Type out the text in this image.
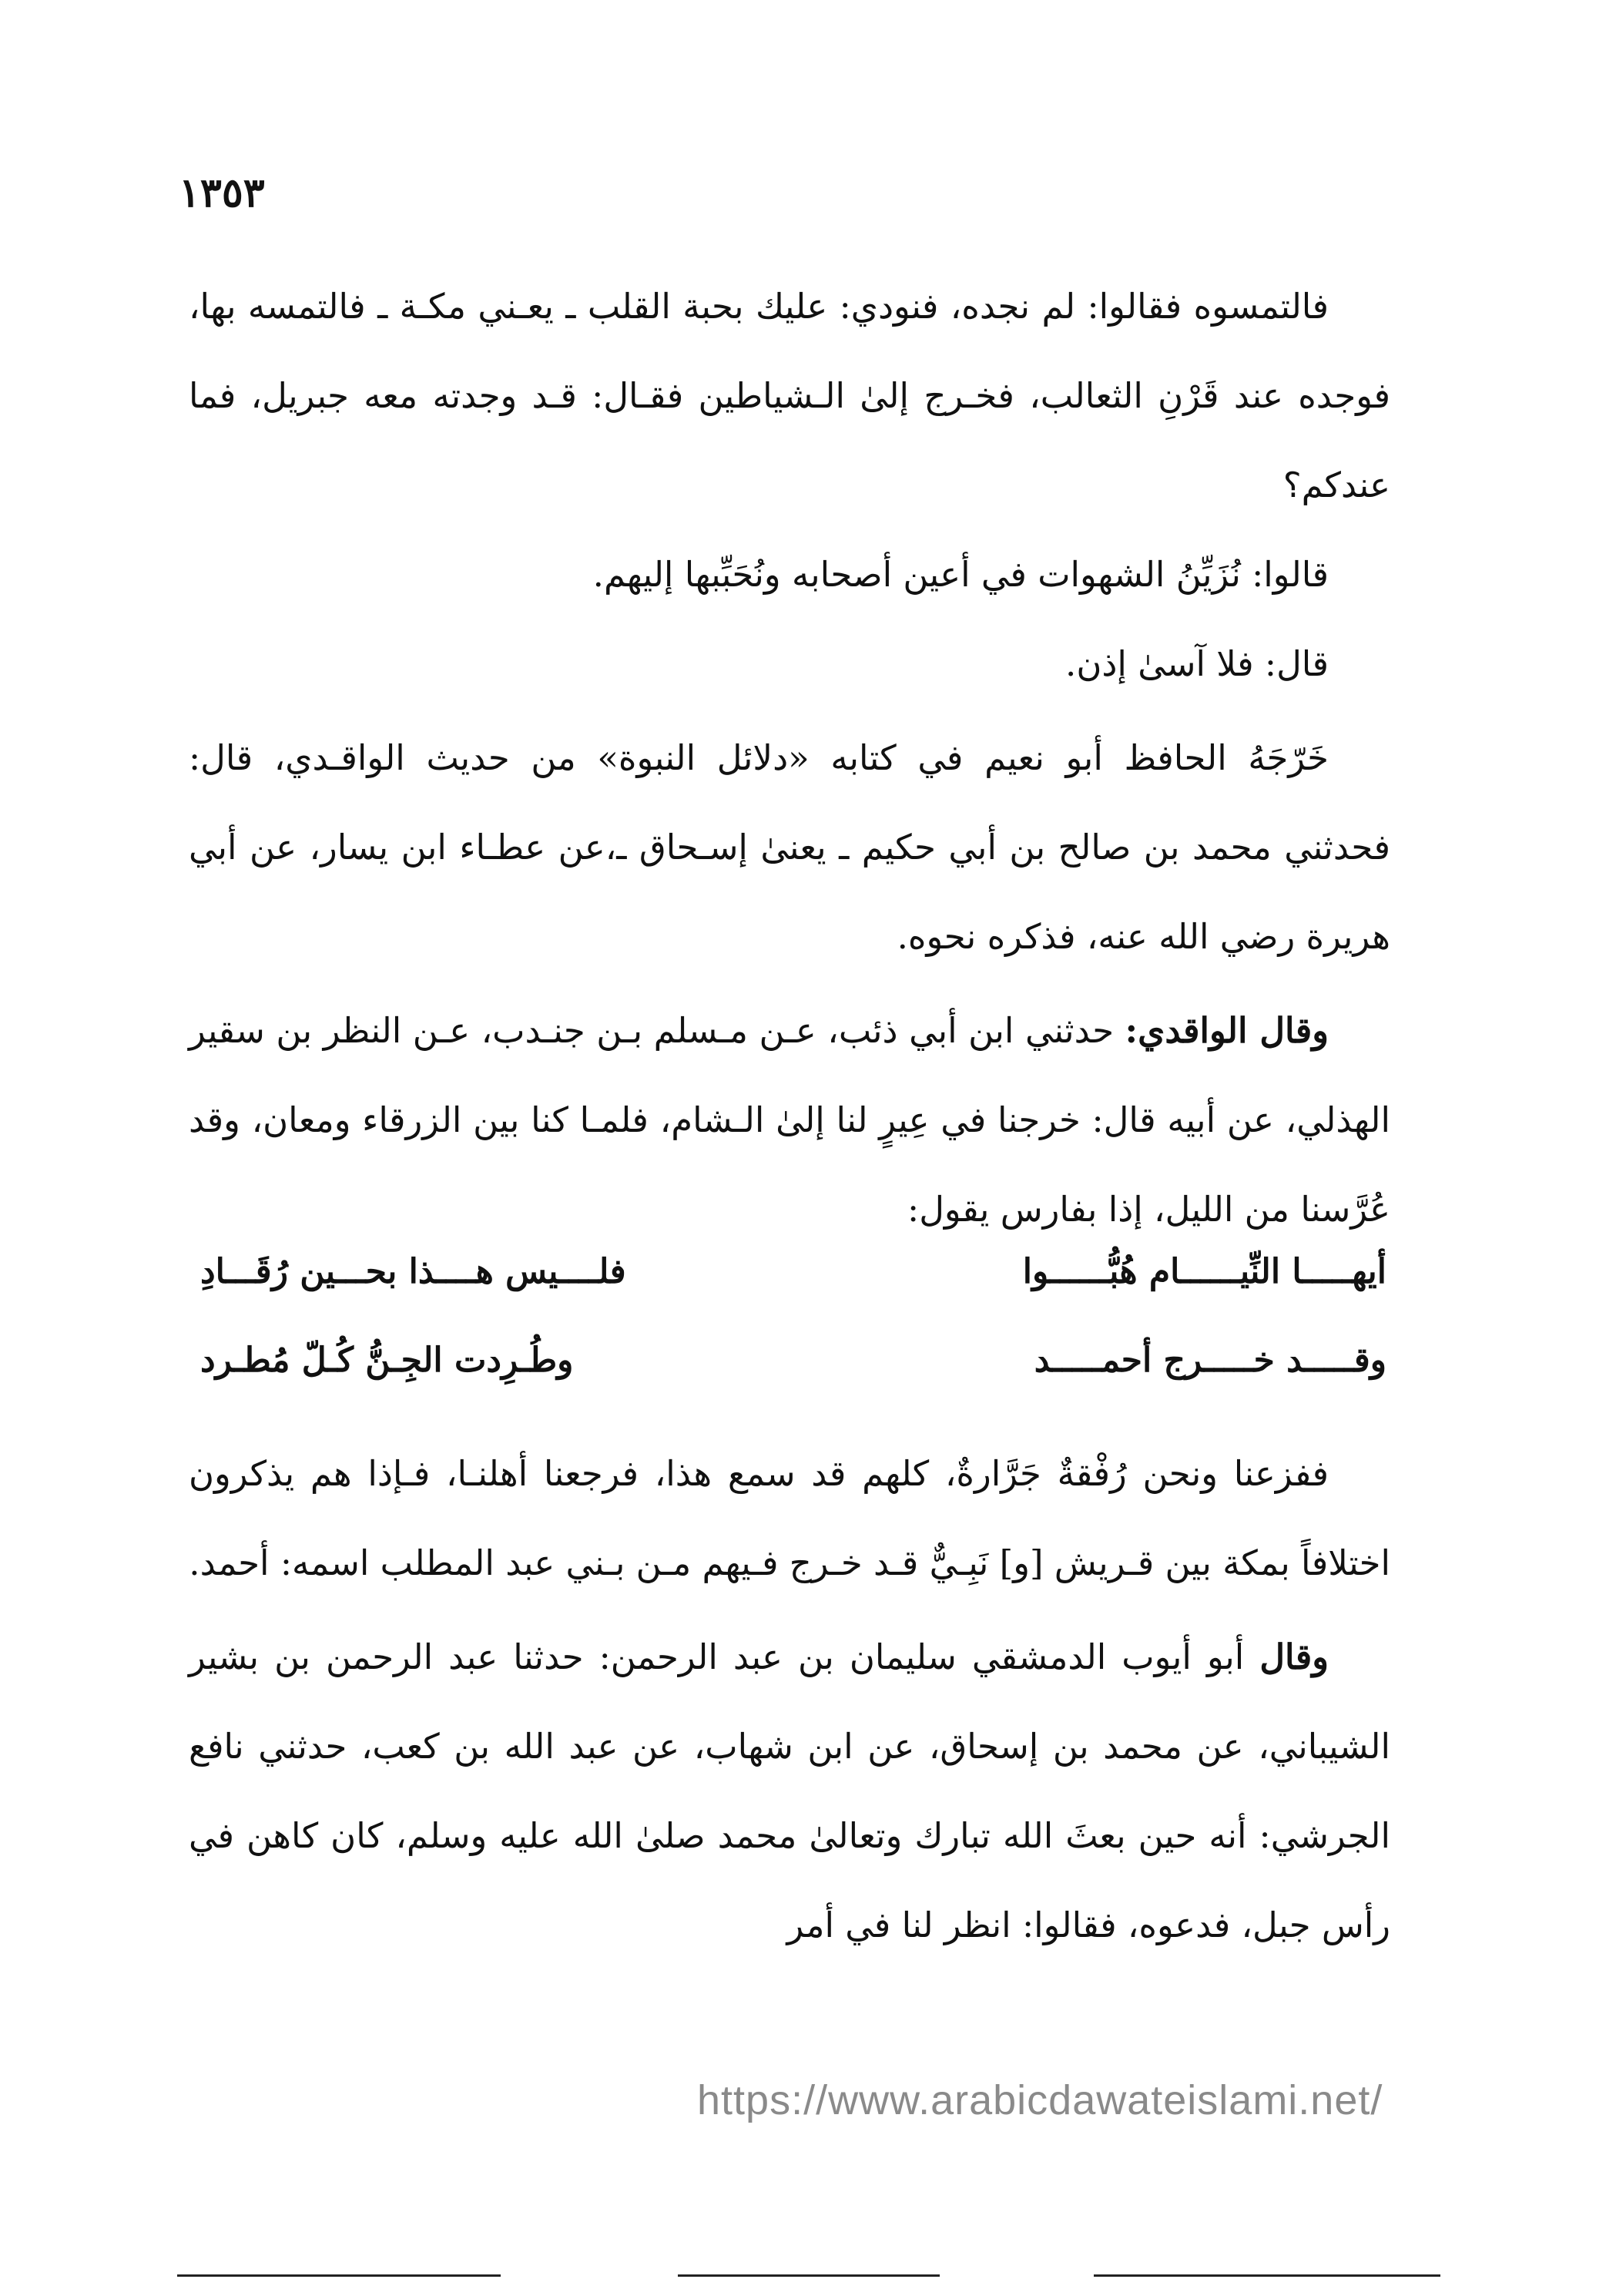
١٣٥٣

فالتمسوه فقالوا: لم نجده، فنودي: عليك بحبة القلب ـ يعـني مكـة ـ فالتمسه بها، فوجده عند قَرْنِ الثعالب، فخـرج إلىٰ الـشياطين فقـال: قـد وجدته معه جبريل، فما عندكم؟

قالوا: نُزَيِّنُ الشهوات في أعين أصحابه ونُحَبِّبها إليهم.

قال: فلا آسىٰ إذن.

خَرّجَهُ الحافظ أبو نعيم في كتابه «دلائل النبوة» من حديث الواقـدي، قال: فحدثني محمد بن صالح بن أبي حكيم ـ يعنىٰ إسـحاق ـ،عن عطـاء ابن يسار، عن أبي هريرة رضي الله عنه، فذكره نحوه.

وقال الواقدي: حدثني ابن أبي ذئب، عـن مـسلم بـن جنـدب، عـن النظر بن سقير الهذلي، عن أبيه قال: خرجنا في عِيرٍ لنا إلىٰ الـشام، فلمـا كنا بين الزرقاء ومعان، وقد عُرَّسنا من الليل، إذا بفارس يقول:

أيهـــــا النِّيــــــام هُبُّــــــوا
فلــــيس هــــذا بحـــين رُقَـــادِ
وقـــــد خـــــرج أحمـــــد
وطُـرِدت الجِـنُّ كُـلّ مُطـرد

ففزعنا ونحن رُفْقةٌ جَرَّارةٌ، كلهم قد سمع هذا، فرجعنا أهلنـا، فـإذا هم يذكرون اختلافاً بمكة بين قـريش [و] نَبِـيٌّ قـد خـرج فـيهم مـن بـني عبد المطلب اسمه: أحمد.

وقال أبو أيوب الدمشقي سليمان بن عبد الرحمن: حدثنا عبد الرحمن بن بشير الشيباني، عن محمد بن إسحاق، عن ابن شهاب، عن عبد الله بن كعب، حدثني نافع الجرشي: أنه حين بعثَ الله تبارك وتعالىٰ محمد صلىٰ الله عليه وسلم، كان كاهن في رأس جبل، فدعوه، فقالوا: انظر لنا في أمر

https://www.arabicdawateislami.net/
